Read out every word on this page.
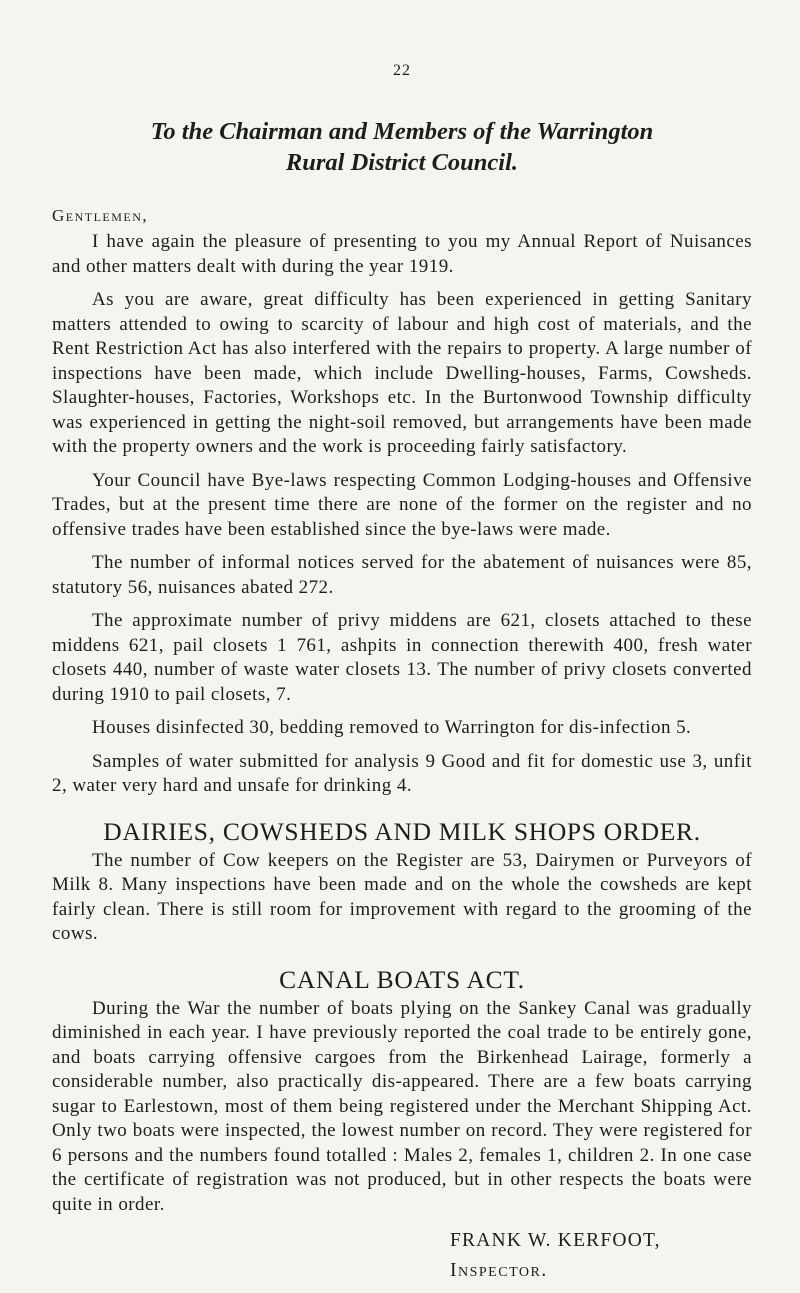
22
To the Chairman and Members of the Warrington
Rural District Council.
Gentlemen,

I have again the pleasure of presenting to you my Annual Report of Nuisances and other matters dealt with during the year 1919.

As you are aware, great difficulty has been experienced in getting Sanitary matters attended to owing to scarcity of labour and high cost of materials, and the Rent Restriction Act has also interfered with the repairs to property. A large number of inspections have been made, which include Dwelling-houses, Farms, Cowsheds. Slaughter-houses, Factories, Workshops etc. In the Burtonwood Township difficulty was experienced in getting the night-soil removed, but arrangements have been made with the property owners and the work is proceeding fairly satisfactory.

Your Council have Bye-laws respecting Common Lodging-houses and Offensive Trades, but at the present time there are none of the former on the register and no offensive trades have been established since the bye-laws were made.

The number of informal notices served for the abatement of nuisances were 85, statutory 56, nuisances abated 272.

The approximate number of privy middens are 621, closets attached to these middens 621, pail closets 1 761, ashpits in connection therewith 400, fresh water closets 440, number of waste water closets 13. The number of privy closets converted during 1910 to pail closets, 7.

Houses disinfected 30, bedding removed to Warrington for dis-infection 5.

Samples of water submitted for analysis 9 Good and fit for domestic use 3, unfit 2, water very hard and unsafe for drinking 4.

DAIRIES, COWSHEDS AND MILK SHOPS ORDER.

The number of Cow keepers on the Register are 53, Dairymen or Purveyors of Milk 8. Many inspections have been made and on the whole the cowsheds are kept fairly clean. There is still room for improvement with regard to the grooming of the cows.

CANAL BOATS ACT.

During the War the number of boats plying on the Sankey Canal was gradually diminished in each year. I have previously reported the coal trade to be entirely gone, and boats carrying offensive cargoes from the Birkenhead Lairage, formerly a considerable number, also practically dis-appeared. There are a few boats carrying sugar to Earlestown, most of them being registered under the Merchant Shipping Act. Only two boats were inspected, the lowest number on record. They were registered for 6 persons and the numbers found totalled : Males 2, females 1, children 2. In one case the certificate of registration was not produced, but in other respects the boats were quite in order.

FRANK W. KERFOOT,
Inspector.
